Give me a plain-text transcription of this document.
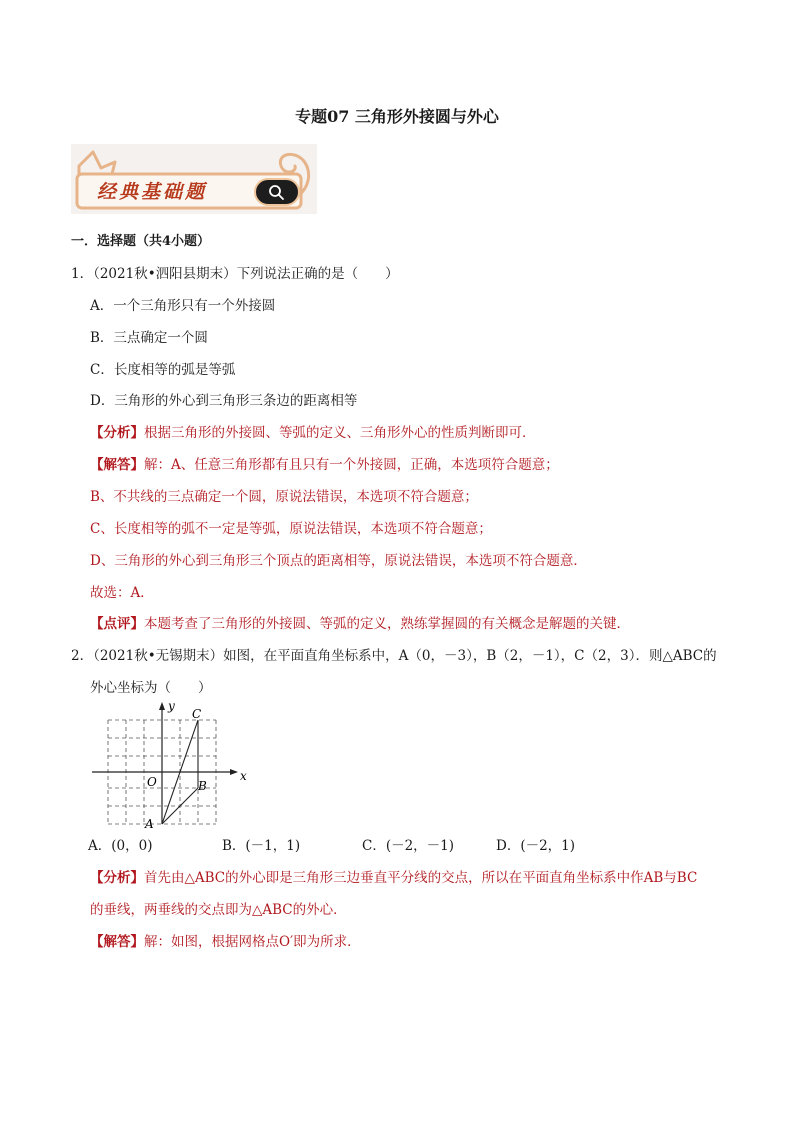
专题07 三角形外接圆与外心
经典基础题
一．选择题（共4小题）
1．（2021秋•泗阳县期末）下列说法正确的是（　　）
A．一个三角形只有一个外接圆
B．三点确定一个圆
C．长度相等的弧是等弧
D．三角形的外心到三角形三条边的距离相等
【分析】根据三角形的外接圆、等弧的定义、三角形外心的性质判断即可．
【解答】解：A、任意三角形都有且只有一个外接圆，正确，本选项符合题意；
B、不共线的三点确定一个圆，原说法错误，本选项不符合题意；
C、长度相等的弧不一定是等弧，原说法错误，本选项不符合题意；
D、三角形的外心到三角形三个顶点的距离相等，原说法错误，本选项不符合题意．
故选：A．
【点评】本题考查了三角形的外接圆、等弧的定义，熟练掌握圆的有关概念是解题的关键．
2．（2021秋•无锡期末）如图，在平面直角坐标系中，A（0，－3），B（2，－1），C（2，3）．则△ABC的
外心坐标为（　　）
x
y
O
A
B
C
A．(0，0)	B．(－1，1)	C．(－2，－1)	D．(－2，1)
【分析】首先由△ABC的外心即是三角形三边垂直平分线的交点，所以在平面直角坐标系中作AB与BC
的垂线，两垂线的交点即为△ABC的外心．
【解答】解：如图，根据网格点O′即为所求．
